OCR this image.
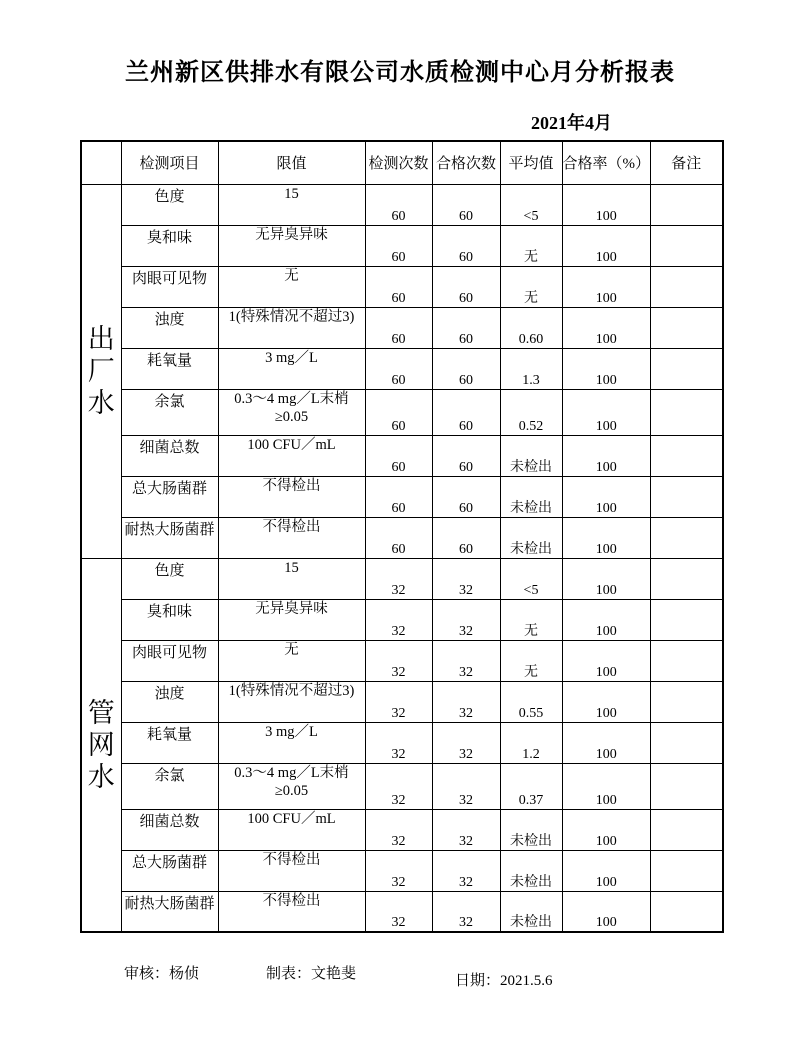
兰州新区供排水有限公司水质检测中心月分析报表
2021年4月
	检测项目	限值	检测次数	合格次数	平均值	合格率（%）	备注

出
厂
水	色度	15	60	60	<5	100	
	臭和味	无异臭异味	60	60	无	100	
	肉眼可见物	无	60	60	无	100	
	浊度	1(特殊情况不超过3)	60	60	0.60	100	
	耗氧量	3 mg／L	60	60	1.3	100	
	余氯	0.3～4 mg／L末梢≥0.05	60	60	0.52	100	
	细菌总数	100 CFU／mL	60	60	未检出	100	
	总大肠菌群	不得检出	60	60	未检出	100	
	耐热大肠菌群	不得检出	60	60	未检出	100	

管
网
水	色度	15	32	32	<5	100	
	臭和味	无异臭异味	32	32	无	100	
	肉眼可见物	无	32	32	无	100	
	浊度	1(特殊情况不超过3)	32	32	0.55	100	
	耗氧量	3 mg／L	32	32	1.2	100	
	余氯	0.3～4 mg／L末梢≥0.05	32	32	0.37	100	
	细菌总数	100 CFU／mL	32	32	未检出	100	
	总大肠菌群	不得检出	32	32	未检出	100	
	耐热大肠菌群	不得检出	32	32	未检出	100	
审核：杨侦	制表：文艳斐	日期：2021.5.6
